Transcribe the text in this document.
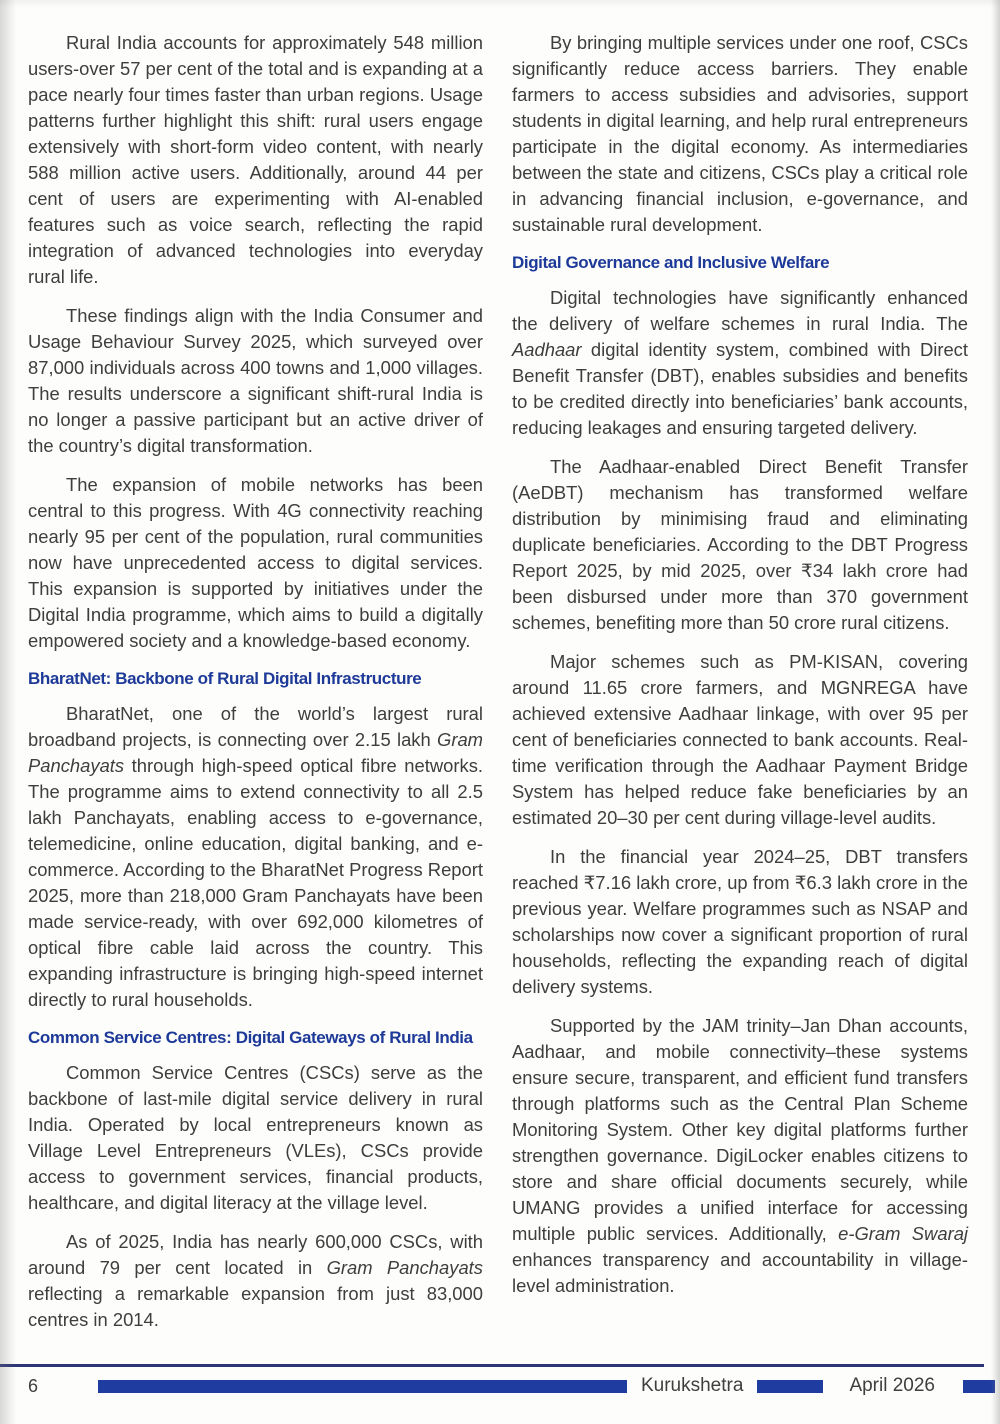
Rural India accounts for approximately 548 million users-over 57 per cent of the total and is expanding at a pace nearly four times faster than urban regions. Usage patterns further highlight this shift: rural users engage extensively with short-form video content, with nearly 588 million active users. Additionally, around 44 per cent of users are experimenting with AI-enabled features such as voice search, reflecting the rapid integration of advanced technologies into everyday rural life.

These findings align with the India Consumer and Usage Behaviour Survey 2025, which surveyed over 87,000 individuals across 400 towns and 1,000 villages. The results underscore a significant shift-rural India is no longer a passive participant but an active driver of the country’s digital transformation.

The expansion of mobile networks has been central to this progress. With 4G connectivity reaching nearly 95 per cent of the population, rural communities now have unprecedented access to digital services. This expansion is supported by initiatives under the Digital India programme, which aims to build a digitally empowered society and a knowledge-based economy.

BharatNet: Backbone of Rural Digital Infrastructure

BharatNet, one of the world’s largest rural broadband projects, is connecting over 2.15 lakh Gram Panchayats through high-speed optical fibre networks. The programme aims to extend connectivity to all 2.5 lakh Panchayats, enabling access to e-governance, telemedicine, online education, digital banking, and e-commerce. According to the BharatNet Progress Report 2025, more than 218,000 Gram Panchayats have been made service-ready, with over 692,000 kilometres of optical fibre cable laid across the country. This expanding infrastructure is bringing high-speed internet directly to rural households.

Common Service Centres: Digital Gateways of Rural India

Common Service Centres (CSCs) serve as the backbone of last-mile digital service delivery in rural India. Operated by local entrepreneurs known as Village Level Entrepreneurs (VLEs), CSCs provide access to government services, financial products, healthcare, and digital literacy at the village level.

As of 2025, India has nearly 600,000 CSCs, with around 79 per cent located in Gram Panchayats reflecting a remarkable expansion from just 83,000 centres in 2014.

By bringing multiple services under one roof, CSCs significantly reduce access barriers. They enable farmers to access subsidies and advisories, support students in digital learning, and help rural entrepreneurs participate in the digital economy. As intermediaries between the state and citizens, CSCs play a critical role in advancing financial inclusion, e-governance, and sustainable rural development.

Digital Governance and Inclusive Welfare

Digital technologies have significantly enhanced the delivery of welfare schemes in rural India. The Aadhaar digital identity system, combined with Direct Benefit Transfer (DBT), enables subsidies and benefits to be credited directly into beneficiaries’ bank accounts, reducing leakages and ensuring targeted delivery.

The Aadhaar-enabled Direct Benefit Transfer (AeDBT) mechanism has transformed welfare distribution by minimising fraud and eliminating duplicate beneficiaries. According to the DBT Progress Report 2025, by mid 2025, over ₹34 lakh crore had been disbursed under more than 370 government schemes, benefiting more than 50 crore rural citizens.

Major schemes such as PM-KISAN, covering around 11.65 crore farmers, and MGNREGA have achieved extensive Aadhaar linkage, with over 95 per cent of beneficiaries connected to bank accounts. Real-time verification through the Aadhaar Payment Bridge System has helped reduce fake beneficiaries by an estimated 20–30 per cent during village-level audits.

In the financial year 2024–25, DBT transfers reached ₹7.16 lakh crore, up from ₹6.3 lakh crore in the previous year. Welfare programmes such as NSAP and scholarships now cover a significant proportion of rural households, reflecting the expanding reach of digital delivery systems.

Supported by the JAM trinity–Jan Dhan accounts, Aadhaar, and mobile connectivity–these systems ensure secure, transparent, and efficient fund transfers through platforms such as the Central Plan Scheme Monitoring System. Other key digital platforms further strengthen governance. DigiLocker enables citizens to store and share official documents securely, while UMANG provides a unified interface for accessing multiple public services. Additionally, e-Gram Swaraj enhances transparency and accountability in village-level administration.

6	Kurukshetra	April 2026
